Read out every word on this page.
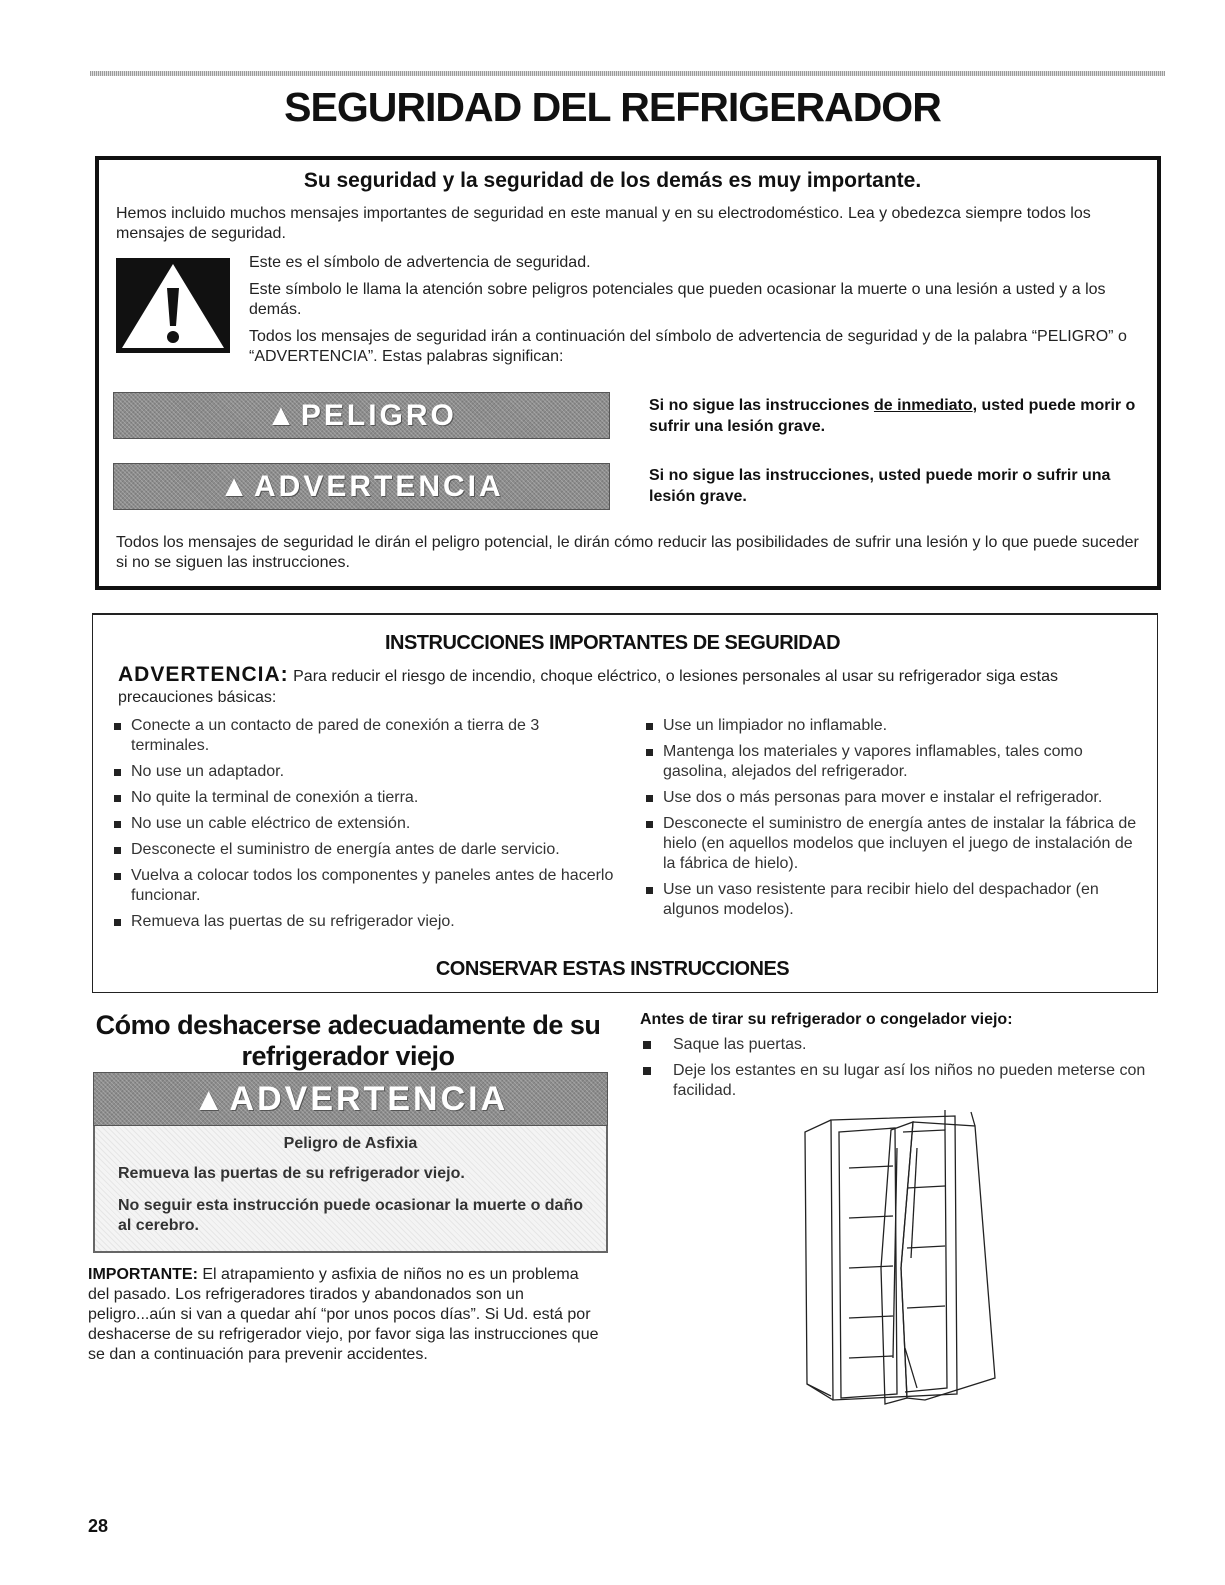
SEGURIDAD DEL REFRIGERADOR
Su seguridad y la seguridad de los demás es muy importante.
Hemos incluido muchos mensajes importantes de seguridad en este manual y en su electrodoméstico. Lea y obedezca siempre todos los mensajes de seguridad.
Este es el símbolo de advertencia de seguridad.
Este símbolo le llama la atención sobre peligros potenciales que pueden ocasionar la muerte o una lesión a usted y a los demás.
Todos los mensajes de seguridad irán a continuación del símbolo de advertencia de seguridad y de la palabra “PELIGRO” o “ADVERTENCIA”. Estas palabras significan:
▲ PELIGRO	Si no sigue las instrucciones de inmediato, usted puede morir o sufrir una lesión grave.
▲ ADVERTENCIA	Si no sigue las instrucciones, usted puede morir o sufrir una lesión grave.
Todos los mensajes de seguridad le dirán el peligro potencial, le dirán cómo reducir las posibilidades de sufrir una lesión y lo que puede suceder si no se siguen las instrucciones.
INSTRUCCIONES IMPORTANTES DE SEGURIDAD
ADVERTENCIA: Para reducir el riesgo de incendio, choque eléctrico, o lesiones personales al usar su refrigerador siga estas precauciones básicas:
Conecte a un contacto de pared de conexión a tierra de 3 terminales.
No use un adaptador.
No quite la terminal de conexión a tierra.
No use un cable eléctrico de extensión.
Desconecte el suministro de energía antes de darle servicio.
Vuelva a colocar todos los componentes y paneles antes de hacerlo funcionar.
Remueva las puertas de su refrigerador viejo.
Use un limpiador no inflamable.
Mantenga los materiales y vapores inflamables, tales como gasolina, alejados del refrigerador.
Use dos o más personas para mover e instalar el refrigerador.
Desconecte el suministro de energía antes de instalar la fábrica de hielo (en aquellos modelos que incluyen el juego de instalación de la fábrica de hielo).
Use un vaso resistente para recibir hielo del despachador (en algunos modelos).
CONSERVAR ESTAS INSTRUCCIONES
Cómo deshacerse adecuadamente de su refrigerador viejo
▲ ADVERTENCIA
Peligro de Asfixia
Remueva las puertas de su refrigerador viejo.
No seguir esta instrucción puede ocasionar la muerte o daño al cerebro.
IMPORTANTE: El atrapamiento y asfixia de niños no es un problema del pasado. Los refrigeradores tirados y abandonados son un peligro...aún si van a quedar ahí “por unos pocos días”. Si Ud. está por deshacerse de su refrigerador viejo, por favor siga las instrucciones que se dan a continuación para prevenir accidentes.
Antes de tirar su refrigerador o congelador viejo:
Saque las puertas.
Deje los estantes en su lugar así los niños no pueden meterse con facilidad.
28
